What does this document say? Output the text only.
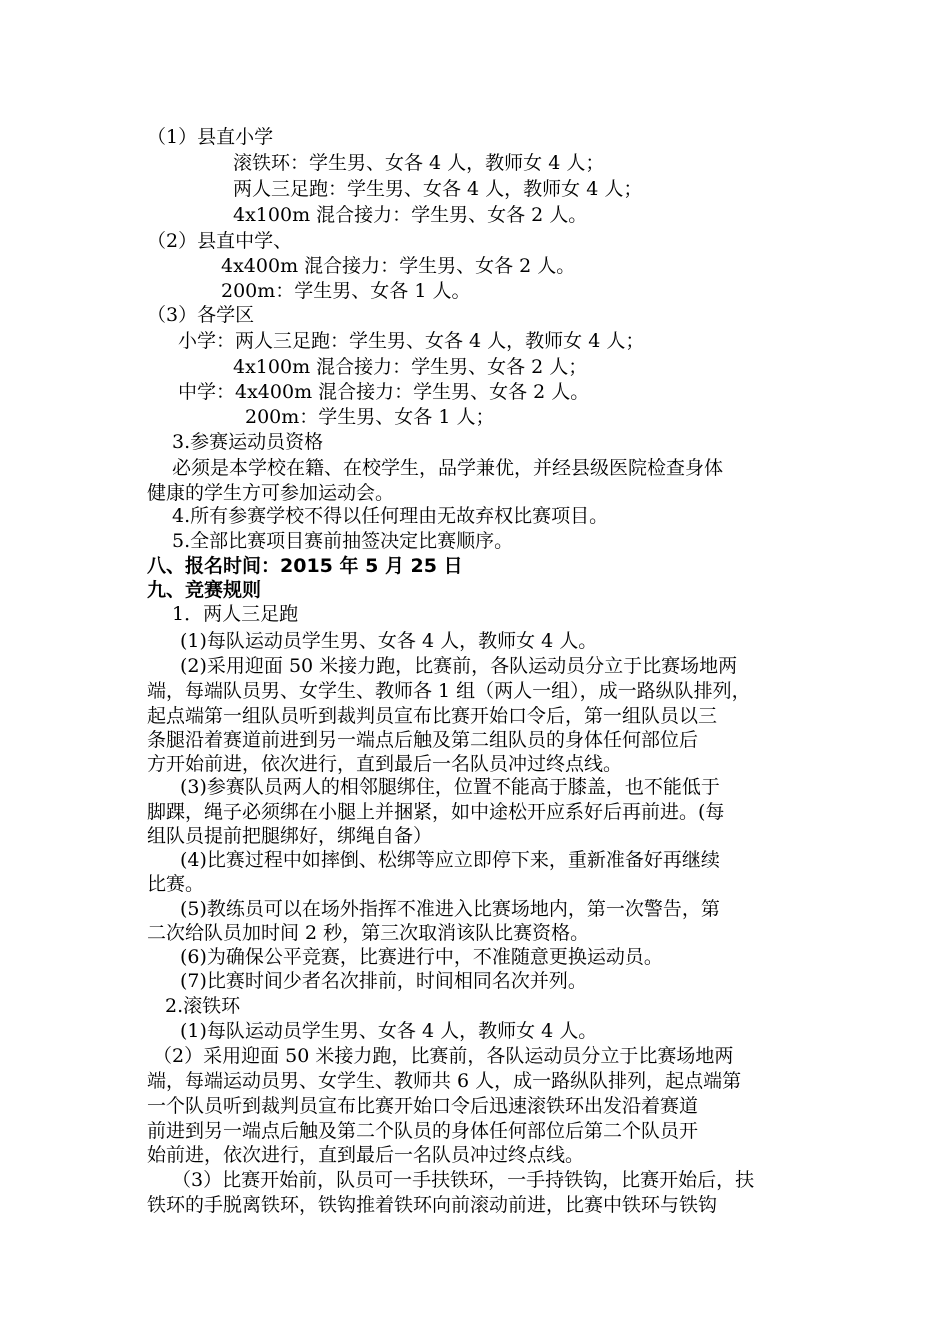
（1）县直小学
滚铁环：学生男、女各 4 人，教师女 4 人；
两人三足跑：学生男、女各 4 人，教师女 4 人；
4x100m 混合接力：学生男、女各 2 人。
（2）县直中学、
4x400m 混合接力：学生男、女各 2 人。
200m：学生男、女各 1 人。
（3）各学区
小学：两人三足跑：学生男、女各 4 人，教师女 4 人；
4x100m 混合接力：学生男、女各 2 人；
中学：4x400m 混合接力：学生男、女各 2 人。
200m：学生男、女各 1 人；
3.参赛运动员资格
必须是本学校在籍、在校学生，品学兼优，并经县级医院检查身体
健康的学生方可参加运动会。
4.所有参赛学校不得以任何理由无故弃权比赛项目。
5.全部比赛项目赛前抽签决定比赛顺序。
八、报名时间：2015 年 5 月 25 日
九、竞赛规则
1．两人三足跑
(1)每队运动员学生男、女各 4 人，教师女 4 人。
(2)采用迎面 50 米接力跑，比赛前，各队运动员分立于比赛场地两
端，每端队员男、女学生、教师各 1 组（两人一组），成一路纵队排列，
起点端第一组队员听到裁判员宣布比赛开始口令后，第一组队员以三
条腿沿着赛道前进到另一端点后触及第二组队员的身体任何部位后
方开始前进，依次进行，直到最后一名队员冲过终点线。
(3)参赛队员两人的相邻腿绑住，位置不能高于膝盖，也不能低于
脚踝，绳子必须绑在小腿上并捆紧，如中途松开应系好后再前进。(每
组队员提前把腿绑好，绑绳自备）
(4)比赛过程中如摔倒、松绑等应立即停下来，重新准备好再继续
比赛。
(5)教练员可以在场外指挥不准进入比赛场地内，第一次警告，第
二次给队员加时间 2 秒，第三次取消该队比赛资格。
(6)为确保公平竞赛，比赛进行中，不准随意更换运动员。
(7)比赛时间少者名次排前，时间相同名次并列。
2.滚铁环
(1)每队运动员学生男、女各 4 人，教师女 4 人。
（2）采用迎面 50 米接力跑，比赛前，各队运动员分立于比赛场地两
端，每端运动员男、女学生、教师共 6 人，成一路纵队排列，起点端第
一个队员听到裁判员宣布比赛开始口令后迅速滚铁环出发沿着赛道
前进到另一端点后触及第二个队员的身体任何部位后第二个队员开
始前进，依次进行，直到最后一名队员冲过终点线。
（3）比赛开始前，队员可一手扶铁环，一手持铁钩，比赛开始后，扶
铁环的手脱离铁环，铁钩推着铁环向前滚动前进，比赛中铁环与铁钩
